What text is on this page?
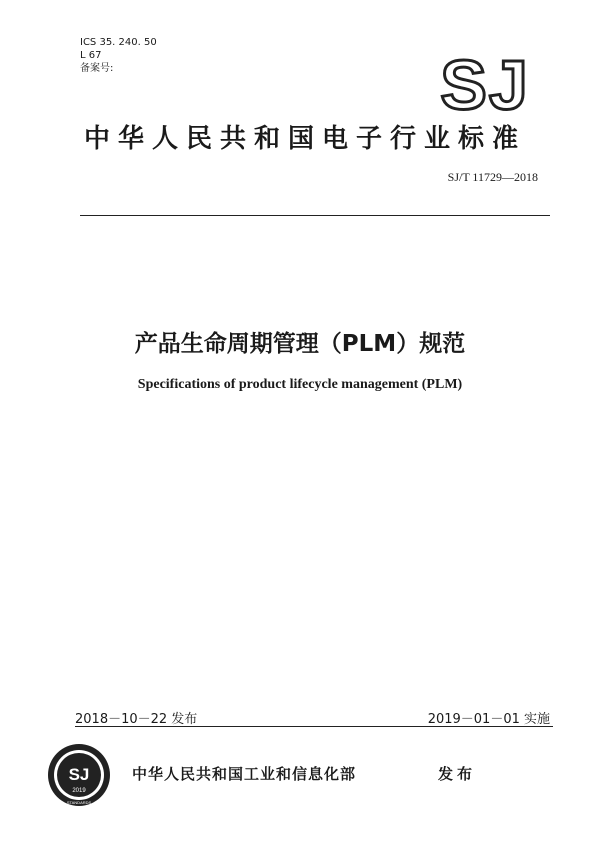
ICS 35. 240. 50
L 67
备案号:	SJ
中华人民共和国电子行业标准
SJ/T 11729—2018
产品生命周期管理（PLM）规范
Specifications of product lifecycle management (PLM)
2018－10－22 发布	2019－01－01 实施
SJ
2019
STANDARDS
中华人民共和国工业和信息化部	发布
